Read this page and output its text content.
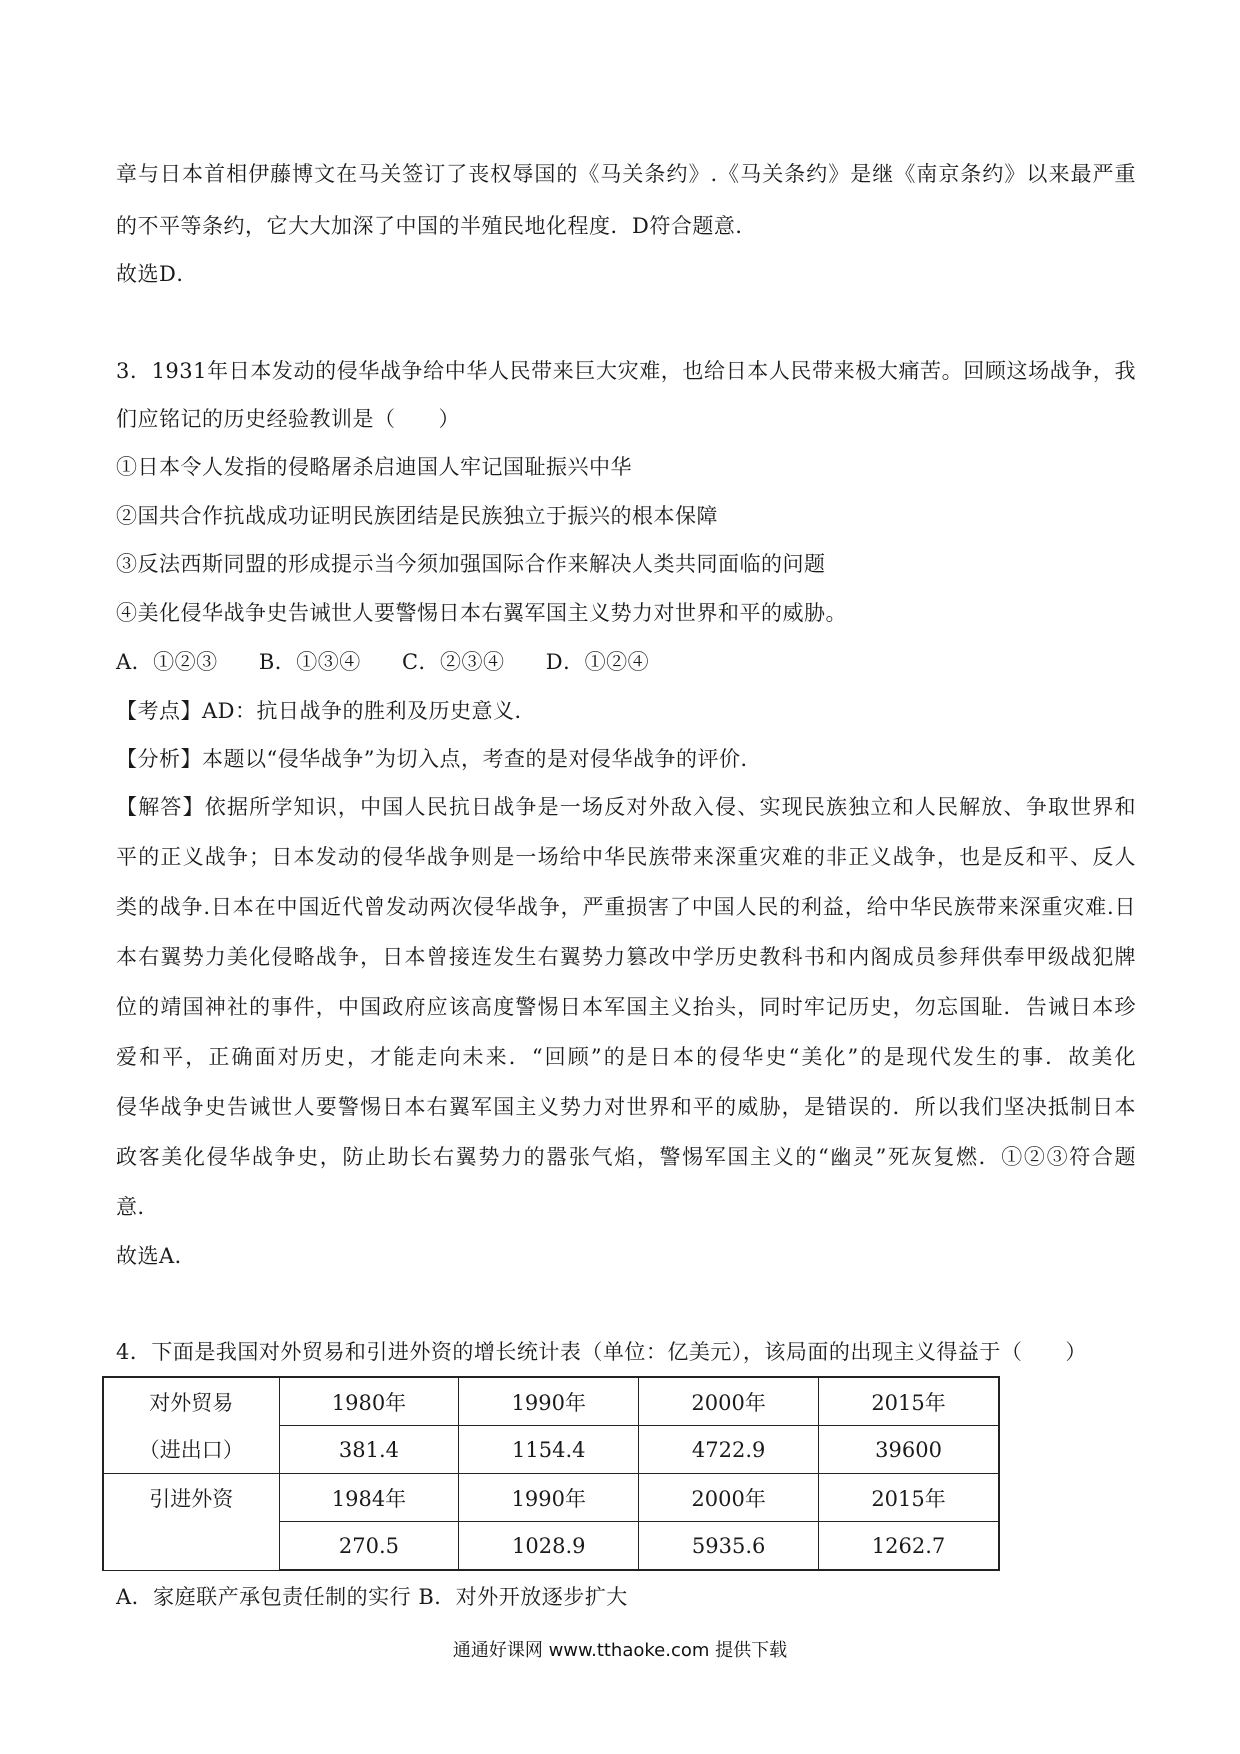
章与日本首相伊藤博文在马关签订了丧权辱国的《马关条约》.《马关条约》是继《南京条约》以来最严重
的不平等条约，它大大加深了中国的半殖民地化程度．D符合题意．
故选D．
3．1931年日本发动的侵华战争给中华人民带来巨大灾难，也给日本人民带来极大痛苦。回顾这场战争，我
们应铭记的历史经验教训是（　　）
①日本令人发指的侵略屠杀启迪国人牢记国耻振兴中华
②国共合作抗战成功证明民族团结是民族独立于振兴的根本保障
③反法西斯同盟的形成提示当今须加强国际合作来解决人类共同面临的问题
④美化侵华战争史告诫世人要警惕日本右翼军国主义势力对世界和平的威胁。
A．①②③ B．①③④ C．②③④ D．①②④
【考点】AD：抗日战争的胜利及历史意义．
【分析】本题以“侵华战争”为切入点，考查的是对侵华战争的评价．
【解答】依据所学知识，中国人民抗日战争是一场反对外敌入侵、实现民族独立和人民解放、争取世界和
平的正义战争；日本发动的侵华战争则是一场给中华民族带来深重灾难的非正义战争，也是反和平、反人
类的战争.日本在中国近代曾发动两次侵华战争，严重损害了中国人民的利益，给中华民族带来深重灾难.日
本右翼势力美化侵略战争，日本曾接连发生右翼势力篡改中学历史教科书和内阁成员参拜供奉甲级战犯牌
位的靖国神社的事件，中国政府应该高度警惕日本军国主义抬头，同时牢记历史，勿忘国耻．告诫日本珍
爱和平，正确面对历史，才能走向未来．“回顾”的是日本的侵华史“美化”的是现代发生的事．故美化
侵华战争史告诫世人要警惕日本右翼军国主义势力对世界和平的威胁，是错误的．所以我们坚决抵制日本
政客美化侵华战争史，防止助长右翼势力的嚣张气焰，警惕军国主义的“幽灵”死灰复燃．①②③符合题
意．
故选A．
4．下面是我国对外贸易和引进外资的增长统计表（单位：亿美元），该局面的出现主义得益于（　　）
对外贸易	1980年	1990年	2000年	2015年
（进出口）	381.4	1154.4	4722.9	39600
引进外资	1984年	1990年	2000年	2015年
	270.5	1028.9	5935.6	1262.7
A．家庭联产承包责任制的实行 B．对外开放逐步扩大
通通好课网 www.tthaoke.com 提供下载
